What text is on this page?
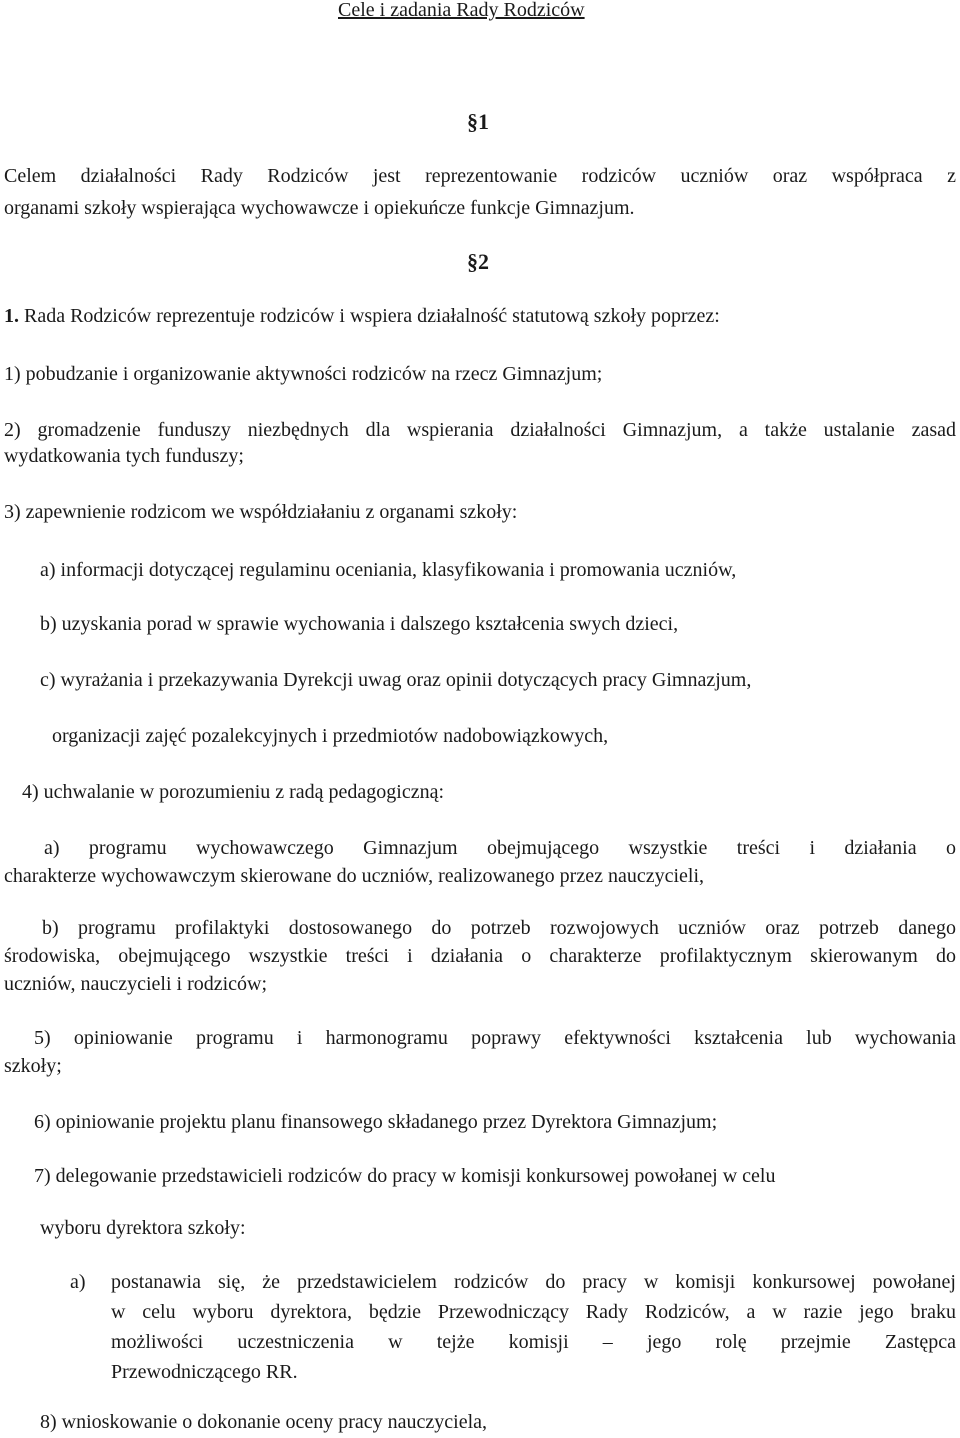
Cele i zadania Rady Rodziców
§1
Celem działalności Rady Rodziców jest reprezentowanie rodziców uczniów oraz współpraca z
organami szkoły wspierająca wychowawcze i opiekuńcze funkcje Gimnazjum.
§2
1. Rada Rodziców reprezentuje rodziców i wspiera działalność statutową szkoły poprzez:
1) pobudzanie i organizowanie aktywności rodziców na rzecz Gimnazjum;
2) gromadzenie funduszy niezbędnych dla wspierania działalności Gimnazjum, a także ustalanie zasad
wydatkowania tych funduszy;
3) zapewnienie rodzicom we współdziałaniu z organami szkoły:
a) informacji dotyczącej regulaminu oceniania, klasyfikowania i promowania uczniów,
b) uzyskania porad w sprawie wychowania i dalszego kształcenia swych dzieci,
c) wyrażania i przekazywania Dyrekcji uwag oraz opinii dotyczących pracy Gimnazjum,
organizacji zajęć pozalekcyjnych i przedmiotów nadobowiązkowych,
4) uchwalanie w porozumieniu z radą pedagogiczną:
a) programu wychowawczego Gimnazjum obejmującego wszystkie treści i działania o
charakterze wychowawczym skierowane do uczniów, realizowanego przez nauczycieli,
b) programu profilaktyki dostosowanego do potrzeb rozwojowych uczniów oraz potrzeb danego
środowiska, obejmującego wszystkie treści i działania o charakterze profilaktycznym skierowanym do
uczniów, nauczycieli i rodziców;
5) opiniowanie programu i harmonogramu poprawy efektywności kształcenia lub wychowania
szkoły;
6) opiniowanie projektu planu finansowego składanego przez Dyrektora Gimnazjum;
7) delegowanie przedstawicieli rodziców do pracy w komisji konkursowej powołanej w celu
wyboru dyrektora szkoły:
a) postanawia się, że przedstawicielem rodziców do pracy w komisji konkursowej powołanej
w celu wyboru dyrektora, będzie Przewodniczący Rady Rodziców, a w razie jego braku
możliwości uczestniczenia w tejże komisji – jego rolę przejmie Zastępca
Przewodniczącego RR.
8) wnioskowanie o dokonanie oceny pracy nauczyciela,
